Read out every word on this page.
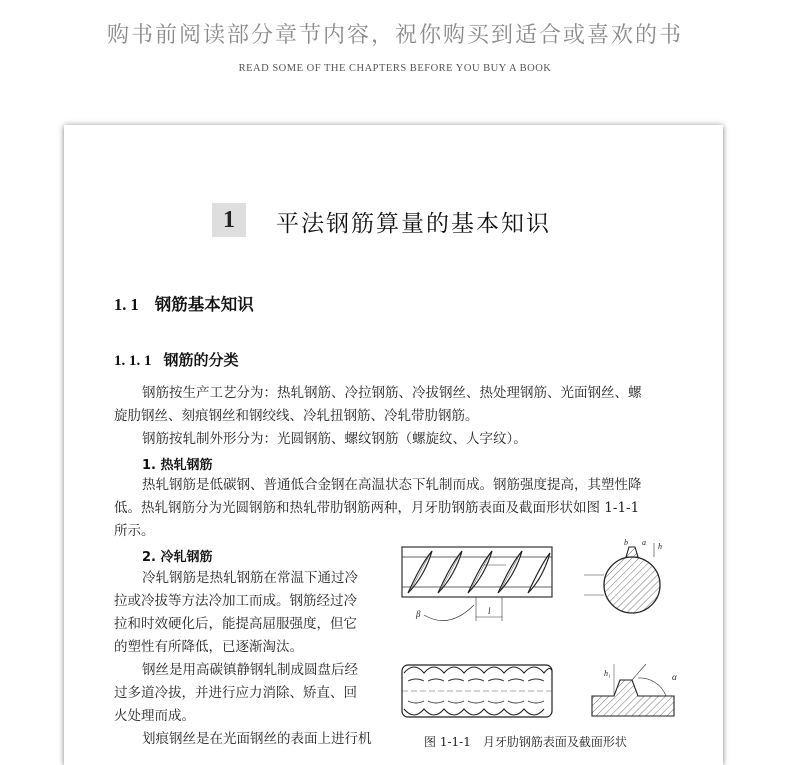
购书前阅读部分章节内容，祝你购买到适合或喜欢的书
READ SOME OF THE CHAPTERS BEFORE YOU BUY A BOOK
1	平法钢筋算量的基本知识
1. 1 钢筋基本知识
1. 1. 1 钢筋的分类
钢筋按生产工艺分为：热轧钢筋、冷拉钢筋、冷拔钢丝、热处理钢筋、光面钢丝、螺
旋肋钢丝、刻痕钢丝和钢绞线、冷轧扭钢筋、冷轧带肋钢筋。
钢筋按轧制外形分为：光圆钢筋、螺纹钢筋（螺旋纹、人字纹）。
1. 热轧钢筋
热轧钢筋是低碳钢、普通低合金钢在高温状态下轧制而成。钢筋强度提高，其塑性降
低。热轧钢筋分为光圆钢筋和热轧带肋钢筋两种，月牙肋钢筋表面及截面形状如图 1-1-1
所示。
2. 冷轧钢筋
冷轧钢筋是热轧钢筋在常温下通过冷
拉或冷拔等方法冷加工而成。钢筋经过冷
拉和时效硬化后，能提高屈服强度，但它
的塑性有所降低，已逐渐淘汰。
钢丝是用高碳镇静钢轧制成圆盘后经
过多道冷拔，并进行应力消除、矫直、回
火处理而成。
划痕钢丝是在光面钢丝的表面上进行机
β	l
a h
b
α
h₁
图 1-1-1　月牙肋钢筋表面及截面形状
